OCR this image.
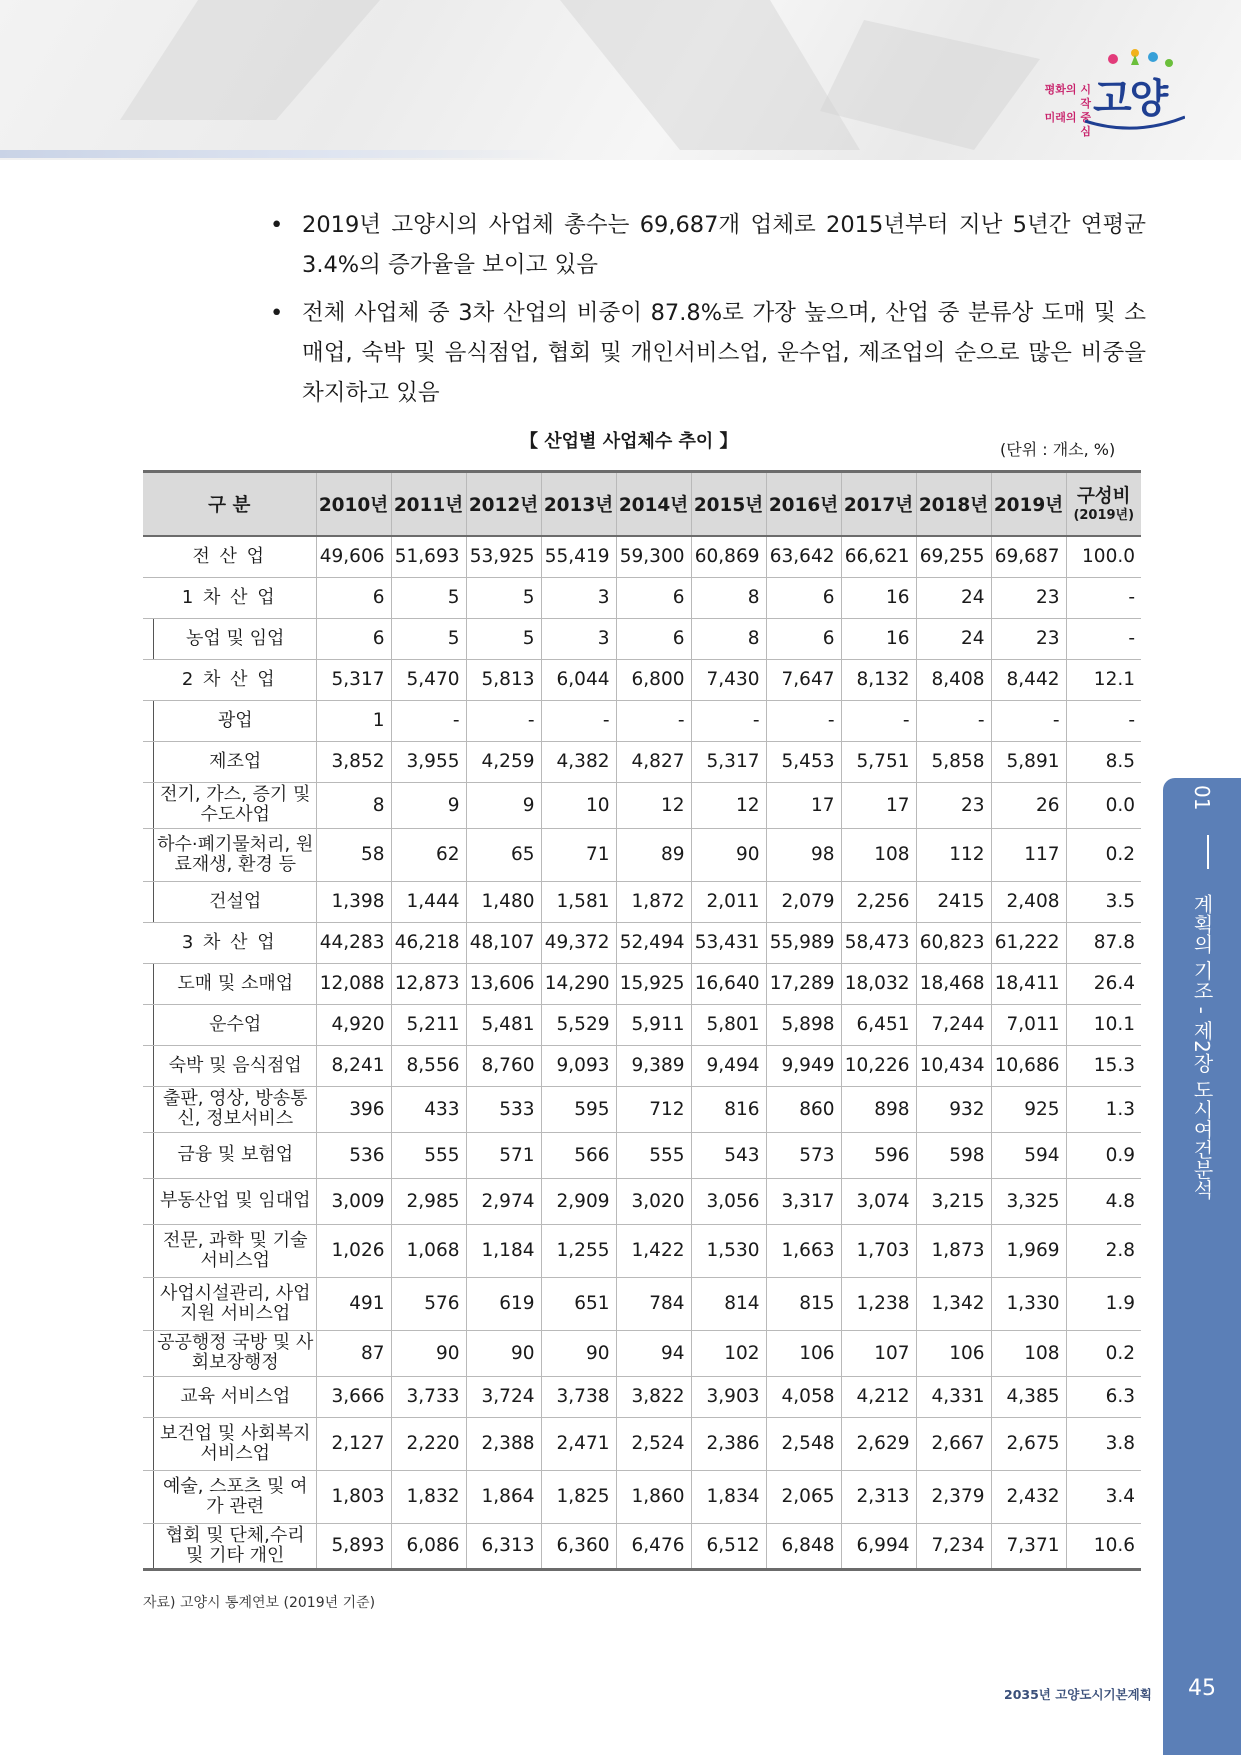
평화의 시작
미래의 중심
고양
• 2019년 고양시의 사업체 총수는 69,687개 업체로 2015년부터 지난 5년간 연평균 3.4%의 증가율을 보이고 있음
• 전체 사업체 중 3차 산업의 비중이 87.8%로 가장 높으며, 산업 중 분류상 도매 및 소매업, 숙박 및 음식점업, 협회 및 개인서비스업, 운수업, 제조업의 순으로 많은 비중을 차지하고 있음
【 산업별 사업체수 추이 】	(단위 : 개소, %)
구 분	2010년	2011년	2012년	2013년	2014년	2015년	2016년	2017년	2018년	2019년	구성비
(2019년)

전 산 업	49,606	51,693	53,925	55,419	59,300	60,869	63,642	66,621	69,255	69,687	100.0
1 차 산 업	6	5	5	3	6	8	6	16	24	23	-
농업 및 임업	6	5	5	3	6	8	6	16	24	23	-
2 차 산 업	5,317	5,470	5,813	6,044	6,800	7,430	7,647	8,132	8,408	8,442	12.1
광업	1	-	-	-	-	-	-	-	-	-	-
제조업	3,852	3,955	4,259	4,382	4,827	5,317	5,453	5,751	5,858	5,891	8.5
전기, 가스, 증기 및 수도사업	8	9	9	10	12	12	17	17	23	26	0.0
하수·폐기물처리, 원료재생, 환경 등	58	62	65	71	89	90	98	108	112	117	0.2
건설업	1,398	1,444	1,480	1,581	1,872	2,011	2,079	2,256	2415	2,408	3.5
3 차 산 업	44,283	46,218	48,107	49,372	52,494	53,431	55,989	58,473	60,823	61,222	87.8
도매 및 소매업	12,088	12,873	13,606	14,290	15,925	16,640	17,289	18,032	18,468	18,411	26.4
운수업	4,920	5,211	5,481	5,529	5,911	5,801	5,898	6,451	7,244	7,011	10.1
숙박 및 음식점업	8,241	8,556	8,760	9,093	9,389	9,494	9,949	10,226	10,434	10,686	15.3
출판, 영상, 방송통신, 정보서비스	396	433	533	595	712	816	860	898	932	925	1.3
금융 및 보험업	536	555	571	566	555	543	573	596	598	594	0.9
부동산업 및 임대업	3,009	2,985	2,974	2,909	3,020	3,056	3,317	3,074	3,215	3,325	4.8
전문, 과학 및 기술 서비스업	1,026	1,068	1,184	1,255	1,422	1,530	1,663	1,703	1,873	1,969	2.8
사업시설관리, 사업지원 서비스업	491	576	619	651	784	814	815	1,238	1,342	1,330	1.9
공공행정 국방 및 사회보장행정	87	90	90	90	94	102	106	107	106	108	0.2
교육 서비스업	3,666	3,733	3,724	3,738	3,822	3,903	4,058	4,212	4,331	4,385	6.3
보건업 및 사회복지 서비스업	2,127	2,220	2,388	2,471	2,524	2,386	2,548	2,629	2,667	2,675	3.8
예술, 스포츠 및 여가 관련	1,803	1,832	1,864	1,825	1,860	1,834	2,065	2,313	2,379	2,432	3.4
협회 및 단체,수리 및 기타 개인	5,893	6,086	6,313	6,360	6,476	6,512	6,848	6,994	7,234	7,371	10.6
자료) 고양시 통계연보 (2019년 기준)
01    계획의 기조 - 제2장 도시여건분석
2035년 고양도시기본계획 45
